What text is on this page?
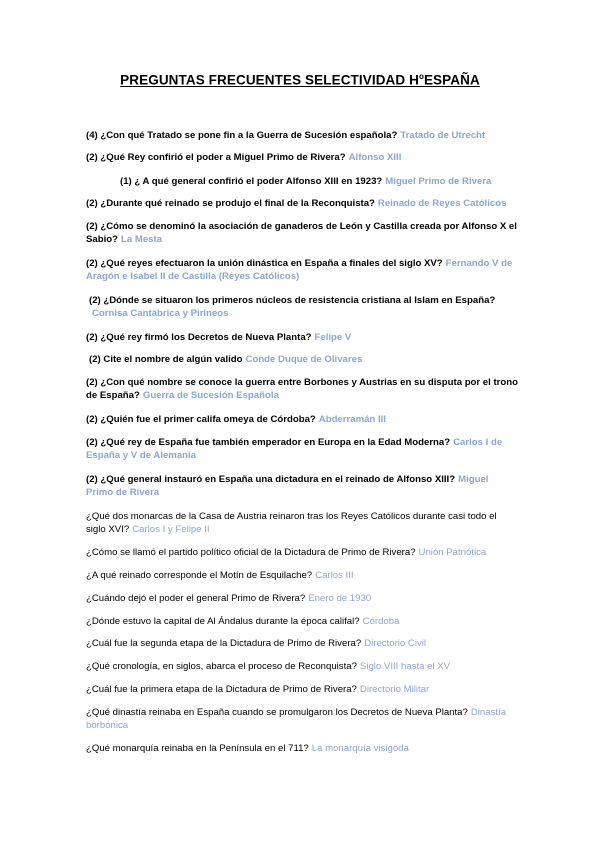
PREGUNTAS FRECUENTES SELECTIVIDAD $H^oESPAÑA$
(4) ¿Con qué Tratado se pone fin a la Guerra de Sucesión española? Tratado de Utrecht
(2) ¿Qué Rey confirió el poder a Miguel Primo de Rivera? Alfonso XIII
(1) ¿ A qué general confirió el poder Alfonso XIII en 1923? Miguel Primo de Rivera
(2) ¿Durante qué reinado se produjo el final de la Reconquista? Reinado de Reyes Católicos
(2) ¿Cómo se denominó la asociación de ganaderos de León y Castilla creada por Alfonso X el Sabio? La Mesta
(2) ¿Qué reyes efectuaron la unión dinástica en España a finales del siglo XV? Fernando V de Aragón e Isabel II de Castilla (Reyes Católicos)
(2) ¿Dónde se situaron los primeros núcleos de resistencia cristiana al Islam en España?Cornisa Cantábrica y Pirineos
(2) ¿Qué rey firmó los Decretos de Nueva Planta? Felipe V
(2) Cite el nombre de algún valido Conde Duque de Olivares
(2) ¿Con qué nombre se conoce la guerra entre Borbones y Austrias en su disputa por el trono de España? Guerra de Sucesión Española
(2) ¿Quién fue el primer califa omeya de Córdoba? Abderramán III
(2) ¿Qué rey de España fue también emperador en Europa en la Edad Moderna? Carlos I de España y V de Alemania
(2) ¿Qué general instauró en España una dictadura en el reinado de Alfonso XIII? Miguel Primo de Rivera
¿Qué dos monarcas de la Casa de Austria reinaron tras los Reyes Católicos durante casi todo el siglo XVI? Carlos I y Felipe II
¿Cómo se llamó el partido político oficial de la Dictadura de Primo de Rivera? Unión Patriótica
¿A qué reinado corresponde el Motín de Esquilache? Carlos III
¿Cuándo dejó el poder el general Primo de Rivera? Enero de 1930
¿Dónde estuvo la capital de Al Ándalus durante la época califal? Córdoba
¿Cuál fue la segunda etapa de la Dictadura de Primo de Rivera? Directorio Civil
¿Qué cronología, en siglos, abarca el proceso de Reconquista? Siglo VIII hasta el XV
¿Cuál fue la primera etapa de la Dictadura de Primo de Rivera? Directorio Militar
¿Qué dinastía reinaba en España cuando se promulgaron los Decretos de Nueva Planta? Dinastía borbónica
¿Qué monarquía reinaba en la Península en el 711? La monarquía visigoda
